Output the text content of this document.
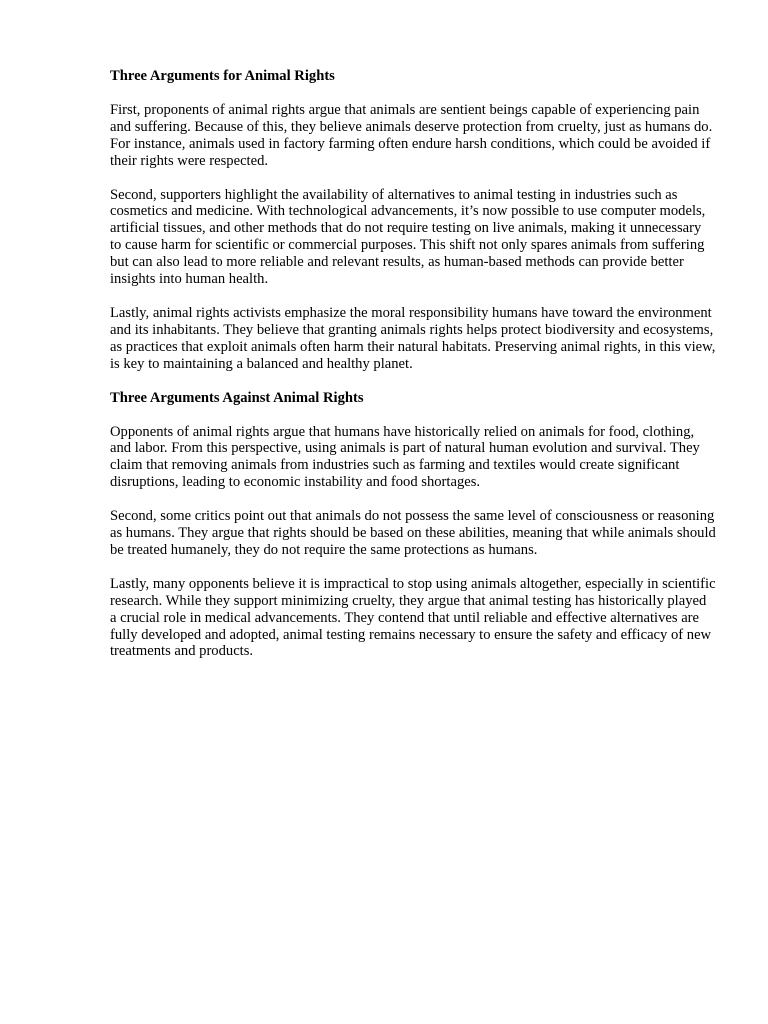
Three Arguments for Animal Rights

First, proponents of animal rights argue that animals are sentient beings capable of experiencing pain and suffering. Because of this, they believe animals deserve protection from cruelty, just as humans do. For instance, animals used in factory farming often endure harsh conditions, which could be avoided if their rights were respected.

Second, supporters highlight the availability of alternatives to animal testing in industries such as cosmetics and medicine. With technological advancements, it’s now possible to use computer models, artificial tissues, and other methods that do not require testing on live animals, making it unnecessary to cause harm for scientific or commercial purposes. This shift not only spares animals from suffering but can also lead to more reliable and relevant results, as human-based methods can provide better insights into human health.

Lastly, animal rights activists emphasize the moral responsibility humans have toward the environment and its inhabitants. They believe that granting animals rights helps protect biodiversity and ecosystems, as practices that exploit animals often harm their natural habitats. Preserving animal rights, in this view, is key to maintaining a balanced and healthy planet.

Three Arguments Against Animal Rights

Opponents of animal rights argue that humans have historically relied on animals for food, clothing, and labor. From this perspective, using animals is part of natural human evolution and survival. They claim that removing animals from industries such as farming and textiles would create significant disruptions, leading to economic instability and food shortages.

Second, some critics point out that animals do not possess the same level of consciousness or reasoning as humans. They argue that rights should be based on these abilities, meaning that while animals should be treated humanely, they do not require the same protections as humans.

Lastly, many opponents believe it is impractical to stop using animals altogether, especially in scientific research. While they support minimizing cruelty, they argue that animal testing has historically played a crucial role in medical advancements. They contend that until reliable and effective alternatives are fully developed and adopted, animal testing remains necessary to ensure the safety and efficacy of new treatments and products.
